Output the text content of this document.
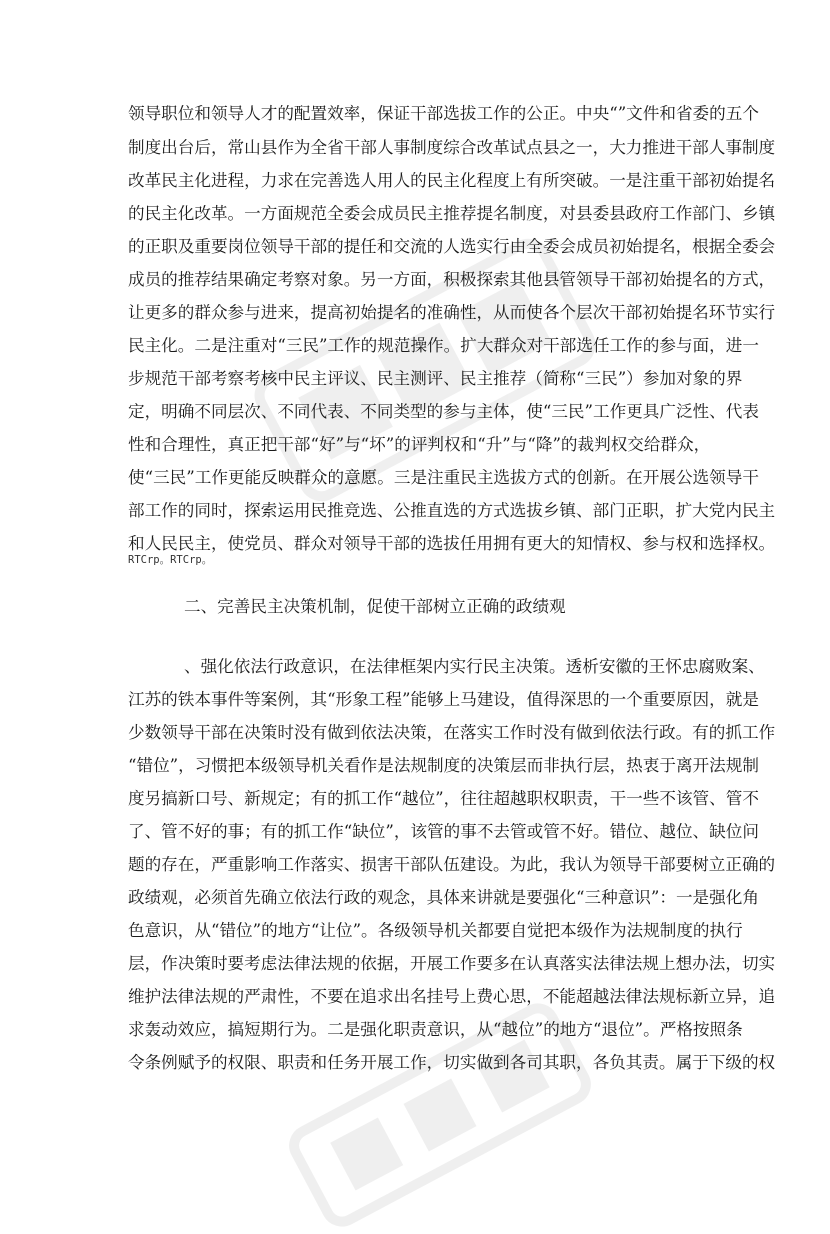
领导职位和领导人才的配置效率，保证干部选拔工作的公正。中央“”文件和省委的五个
制度出台后，常山县作为全省干部人事制度综合改革试点县之一，大力推进干部人事制度
改革民主化进程，力求在完善选人用人的民主化程度上有所突破。一是注重干部初始提名
的民主化改革。一方面规范全委会成员民主推荐提名制度，对县委县政府工作部门、乡镇
的正职及重要岗位领导干部的提任和交流的人选实行由全委会成员初始提名，根据全委会
成员的推荐结果确定考察对象。另一方面，积极探索其他县管领导干部初始提名的方式，
让更多的群众参与进来，提高初始提名的准确性，从而使各个层次干部初始提名环节实行
民主化。二是注重对“三民”工作的规范操作。扩大群众对干部选任工作的参与面，进一
步规范干部考察考核中民主评议、民主测评、民主推荐（简称“三民”）参加对象的界
定，明确不同层次、不同代表、不同类型的参与主体，使“三民”工作更具广泛性、代表
性和合理性，真正把干部“好”与“坏”的评判权和“升”与“降”的裁判权交给群众，
使“三民”工作更能反映群众的意愿。三是注重民主选拔方式的创新。在开展公选领导干
部工作的同时，探索运用民推竞选、公推直选的方式选拔乡镇、部门正职，扩大党内民主
和人民民主，使党员、群众对领导干部的选拔任用拥有更大的知情权、参与权和选择权。
RTCrp。RTCrp。
二、完善民主决策机制，促使干部树立正确的政绩观
、强化依法行政意识，在法律框架内实行民主决策。透析安徽的王怀忠腐败案、
江苏的铁本事件等案例，其“形象工程”能够上马建设，值得深思的一个重要原因，就是
少数领导干部在决策时没有做到依法决策，在落实工作时没有做到依法行政。有的抓工作
“错位”，习惯把本级领导机关看作是法规制度的决策层而非执行层，热衷于离开法规制
度另搞新口号、新规定；有的抓工作“越位”，往往超越职权职责，干一些不该管、管不
了、管不好的事；有的抓工作“缺位”，该管的事不去管或管不好。错位、越位、缺位问
题的存在，严重影响工作落实、损害干部队伍建设。为此，我认为领导干部要树立正确的
政绩观，必须首先确立依法行政的观念，具体来讲就是要强化“三种意识”：一是强化角
色意识，从“错位”的地方“让位”。各级领导机关都要自觉把本级作为法规制度的执行
层，作决策时要考虑法律法规的依据，开展工作要多在认真落实法律法规上想办法，切实
维护法律法规的严肃性，不要在追求出名挂号上费心思，不能超越法律法规标新立异，追
求轰动效应，搞短期行为。二是强化职责意识，从“越位”的地方“退位”。严格按照条
令条例赋予的权限、职责和任务开展工作，切实做到各司其职，各负其责。属于下级的权
